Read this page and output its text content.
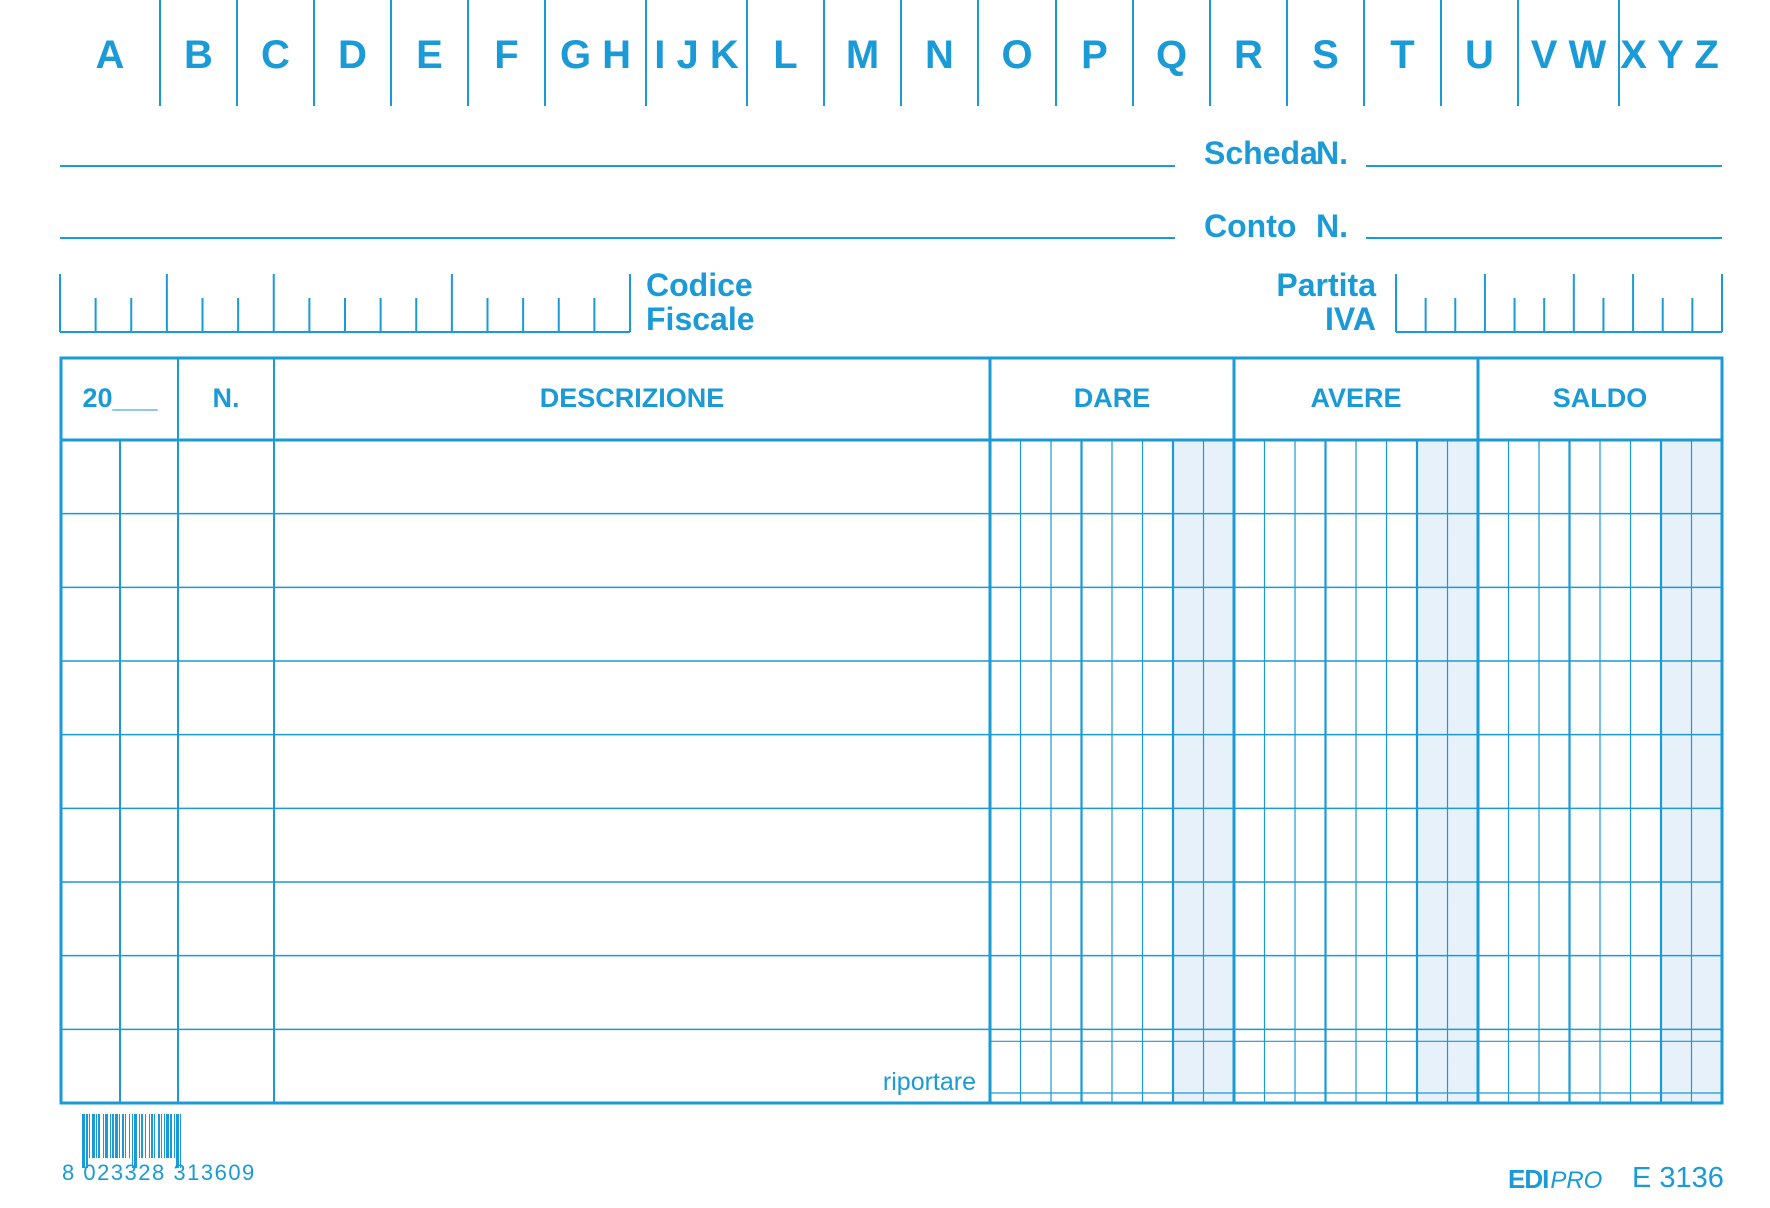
A	B	C	D	E	F	G H I J K L	M	N	O	P	Q	R	S	T	U V W X Y Z
Scheda
N.
Conto N.
Codice
Fiscale
Partita
IVA
20___	N.	DESCRIZIONE	DARE	AVERE	SALDO
riportare
8 023328 313609	EDIPRO E 3136
